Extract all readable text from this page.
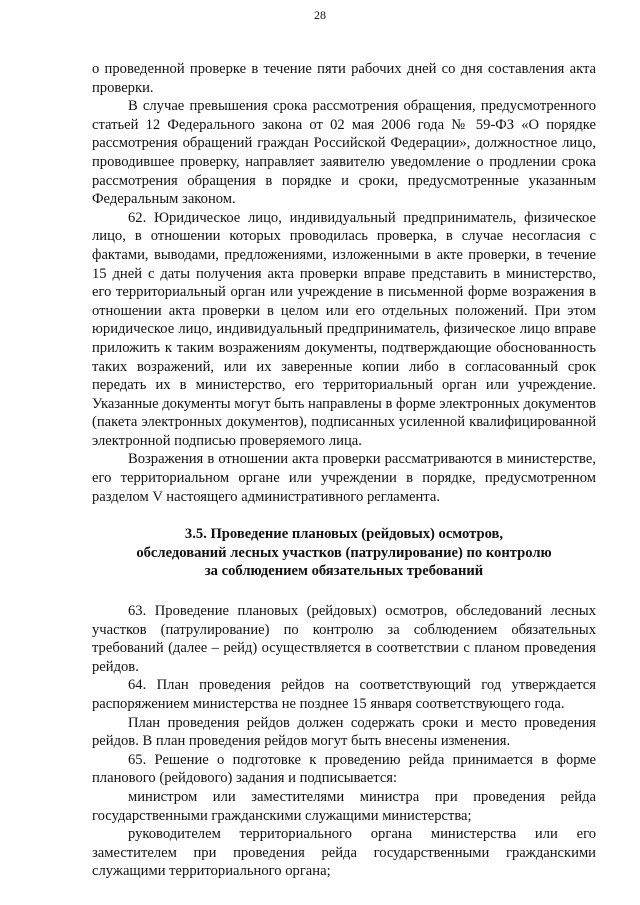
28

о проведенной проверке в течение пяти рабочих дней со дня составления акта проверки.

В случае превышения срока рассмотрения обращения, предусмотренного статьей 12 Федерального закона от 02 мая 2006 года № 59-ФЗ «О порядке рассмотрения обращений граждан Российской Федерации», должностное лицо, проводившее проверку, направляет заявителю уведомление о продлении срока рассмотрения обращения в порядке и сроки, предусмотренные указанным Федеральным законом.

62. Юридическое лицо, индивидуальный предприниматель, физическое лицо, в отношении которых проводилась проверка, в случае несогласия с фактами, выводами, предложениями, изложенными в акте проверки, в течение 15 дней с даты получения акта проверки вправе представить в министерство, его территориальный орган или учреждение в письменной форме возражения в отношении акта проверки в целом или его отдельных положений. При этом юридическое лицо, индивидуальный предприниматель, физическое лицо вправе приложить к таким возражениям документы, подтверждающие обоснованность таких возражений, или их заверенные копии либо в согласованный срок передать их в министерство, его территориальный орган или учреждение. Указанные документы могут быть направлены в форме электронных документов (пакета электронных документов), подписанных усиленной квалифицированной электронной подписью проверяемого лица.

Возражения в отношении акта проверки рассматриваются в министерстве, его территориальном органе или учреждении в порядке, предусмотренном разделом V настоящего административного регламента.

3.5. Проведение плановых (рейдовых) осмотров,
обследований лесных участков (патрулирование) по контролю
за соблюдением обязательных требований

63. Проведение плановых (рейдовых) осмотров, обследований лесных участков (патрулирование) по контролю за соблюдением обязательных требований (далее – рейд) осуществляется в соответствии с планом проведения рейдов.

64. План проведения рейдов на соответствующий год утверждается распоряжением министерства не позднее 15 января соответствующего года.

План проведения рейдов должен содержать сроки и место проведения рейдов. В план проведения рейдов могут быть внесены изменения.

65. Решение о подготовке к проведению рейда принимается в форме планового (рейдового) задания и подписывается:

министром или заместителями министра при проведения рейда государственными гражданскими служащими министерства;

руководителем территориального органа министерства или его заместителем при проведения рейда государственными гражданскими служащими территориального органа;
